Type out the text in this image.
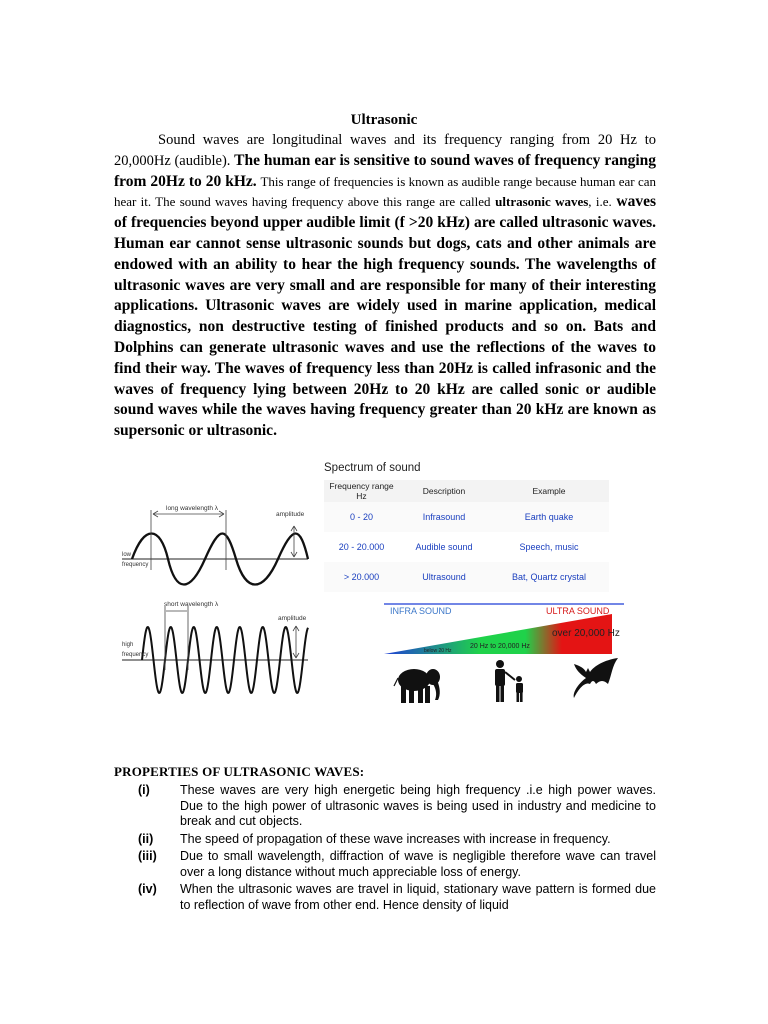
Ultrasonic
Sound waves are longitudinal waves and its frequency ranging from 20 Hz to 20,000Hz (audible). The human ear is sensitive to sound waves of frequency ranging from 20Hz to 20 kHz. This range of frequencies is known as audible range because human ear can hear it. The sound waves having frequency above this range are called ultrasonic waves, i.e. waves of frequencies beyond upper audible limit (f >20 kHz) are called ultrasonic waves. Human ear cannot sense ultrasonic sounds but dogs, cats and other animals are endowed with an ability to hear the high frequency sounds. The wavelengths of ultrasonic waves are very small and are responsible for many of their interesting applications. Ultrasonic waves are widely used in marine application, medical diagnostics, non destructive testing of finished products and so on. Bats and Dolphins can generate ultrasonic waves and use the reflections of the waves to find their way. The waves of frequency less than 20Hz is called infrasonic and the waves of frequency lying between 20Hz to 20 kHz are called sonic or audible sound waves while the waves having frequency greater than 20 kHz are known as supersonic or ultrasonic.
long wavelength λ
amplitude
low frequency
short wavelength λ
amplitude
high frequency
Spectrum of sound
Frequency range Hz	Description	Example
0 - 20	Infrasound	Earth quake
20 - 20.000	Audible sound	Speech, music
> 20.000	Ultrasound	Bat, Quartz crystal
INFRA SOUND	ULTRA SOUND
below 20 Hz
20 Hz to 20,000 Hz
over 20,000 Hz
PROPERTIES OF ULTRASONIC WAVES:
(i)	These waves are very high energetic being high frequency .i.e high power waves. Due to the high power of ultrasonic waves is being used in industry and medicine to break and cut objects.
(ii)	The speed of propagation of these wave increases with increase in frequency.
(iii)	Due to small wavelength, diffraction of wave is negligible therefore wave can travel over a long distance without much appreciable loss of energy.
(iv)	When the ultrasonic waves are travel in liquid, stationary wave pattern is formed due to reflection of wave from other end. Hence density of liquid
